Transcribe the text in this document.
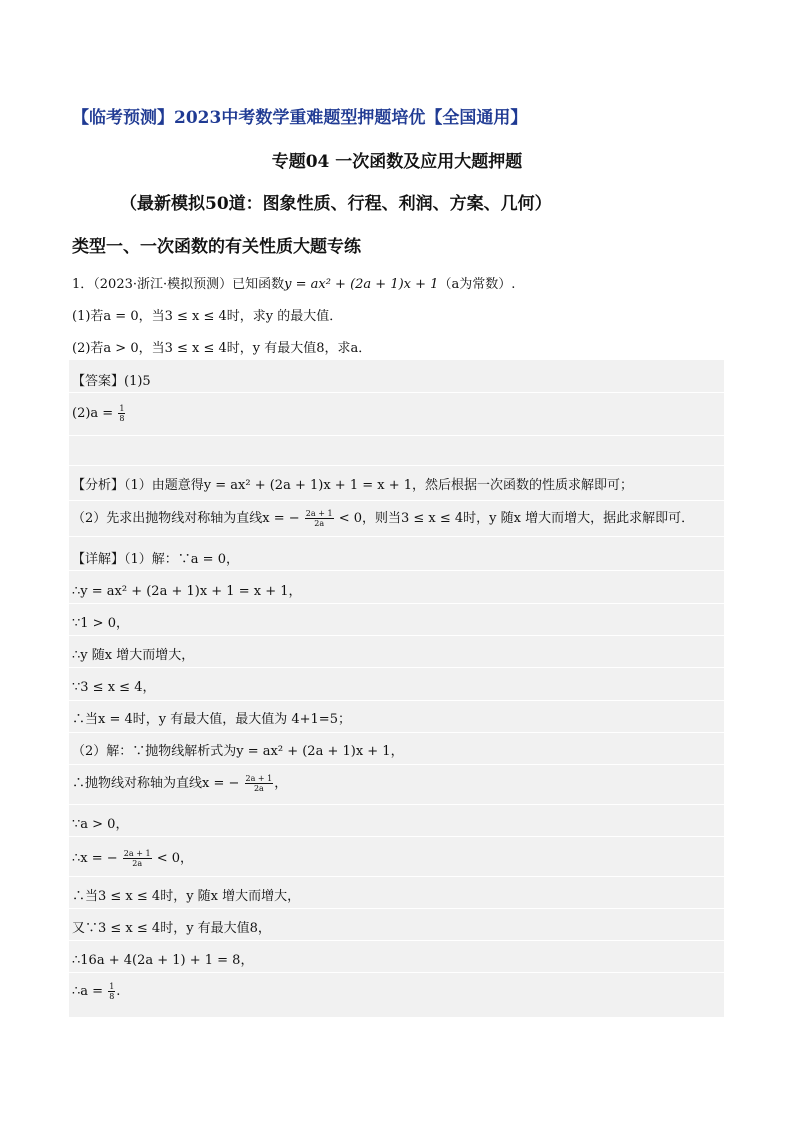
【临考预测】2023中考数学重难题型押题培优【全国通用】
专题04 一次函数及应用大题押题
（最新模拟50道：图象性质、行程、利润、方案、几何）
类型一、一次函数的有关性质大题专练
1．（2023·浙江·模拟预测）已知函数y = ax² + (2a + 1)x + 1（a为常数）.
(1)若a = 0，当3 ≤ x ≤ 4时，求y 的最大值．
(2)若a > 0，当3 ≤ x ≤ 4时，y 有最大值8，求a．
【答案】(1)5
$(2)a = \frac{1}{8}$
【分析】（1）由题意得y = ax² + (2a + 1)x + 1 = x + 1，然后根据一次函数的性质求解即可；
（2）先求出抛物线对称轴为直线x = − $\frac{2a + 1}{2a} < 0$，则当3 ≤ x ≤ 4时，y 随x 增大而增大，据此求解即可．
【详解】（1）解：∵a = 0，
∴y = ax² + (2a + 1)x + 1 = x + 1，
∵1 > 0，
∴y 随x 增大而增大，
∵3 ≤ x ≤ 4，
∴当x = 4时，y 有最大值，最大值为 4+1=5；
（2）解：∵抛物线解析式为y = ax² + (2a + 1)x + 1，
∴抛物线对称轴为直线x = − $\frac{2a + 1}{2a}$ ，
∵a > 0，
∴x = − $\frac{2a + 1}{2a} < 0$，
∴当3 ≤ x ≤ 4时，y 随x 增大而增大，
又∵3 ≤ x ≤ 4时，y 有最大值8，
∴16a + 4(2a + 1) + 1 = 8，
∴a = $\frac{1}{8}$ .
